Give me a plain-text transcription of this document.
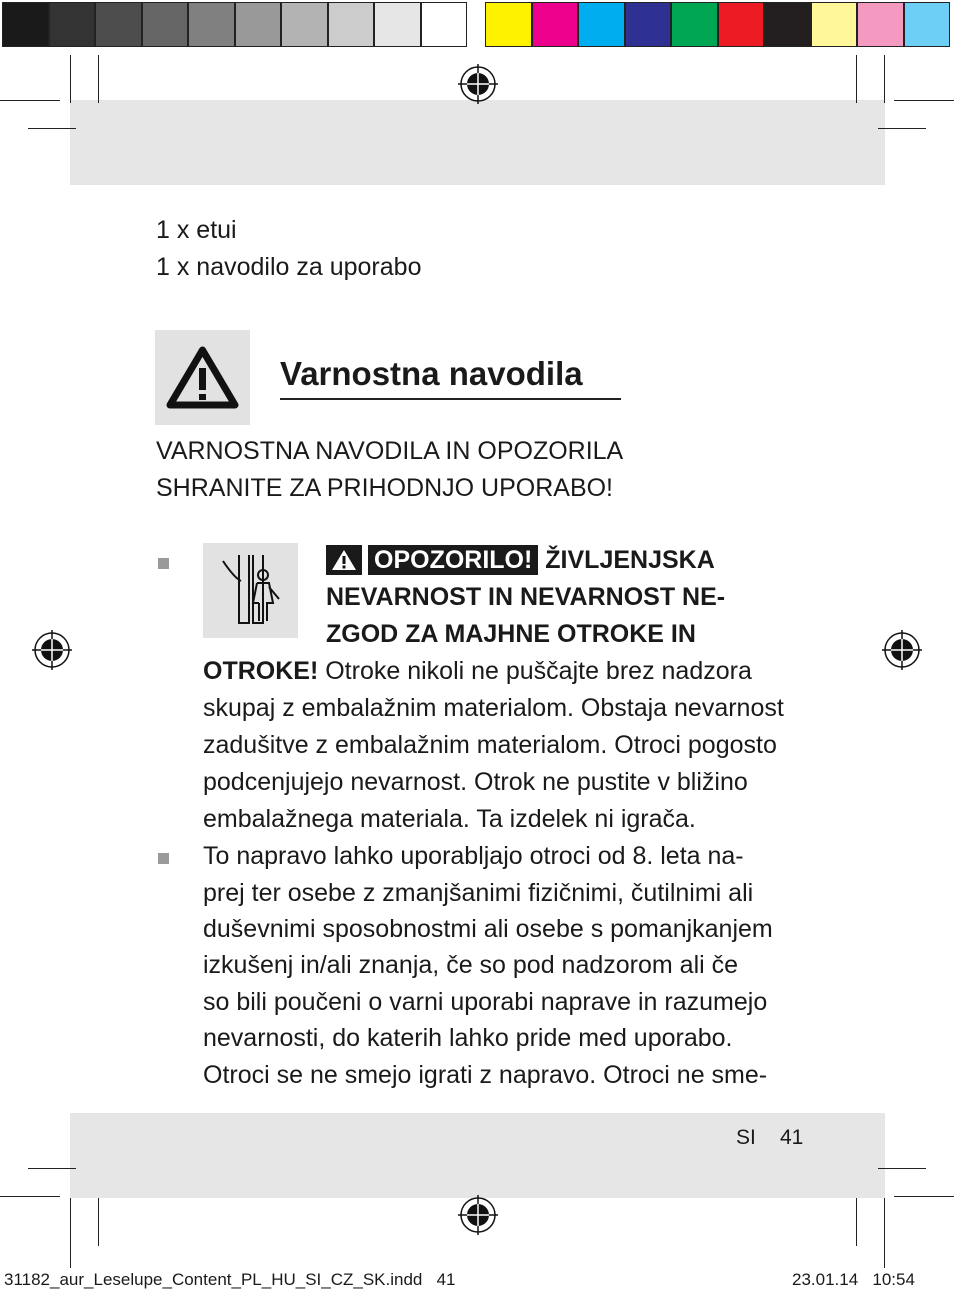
1 x etui
1 x navodilo za uporabo
Varnostna navodila
VARNOSTNA NAVODILA IN OPOZORILA
SHRANITE ZA PRIHODNJO UPORABO!
OPOZORILO! ŽIVLJENJSKA
NEVARNOST IN NEVARNOST NE-
ZGOD ZA MAJHNE OTROKE IN
OTROKE! Otroke nikoli ne puščajte brez nadzora
skupaj z embalažnim materialom. Obstaja nevarnost
zadušitve z embalažnim materialom. Otroci pogosto
podcenjujejo nevarnost. Otrok ne pustite v bližino
embalažnega materiala. Ta izdelek ni igrača.
To napravo lahko uporabljajo otroci od 8. leta na-
prej ter osebe z zmanjšanimi fizičnimi, čutilnimi ali
duševnimi sposobnostmi ali osebe s pomanjkanjem
izkušenj in/ali znanja, če so pod nadzorom ali če
so bili poučeni o varni uporabi naprave in razumejo
nevarnosti, do katerih lahko pride med uporabo.
Otroci se ne smejo igrati z napravo. Otroci ne sme-
SI 41
31182_aur_Leselupe_Content_PL_HU_SI_CZ_SK.indd 41	23.01.14 10:54
